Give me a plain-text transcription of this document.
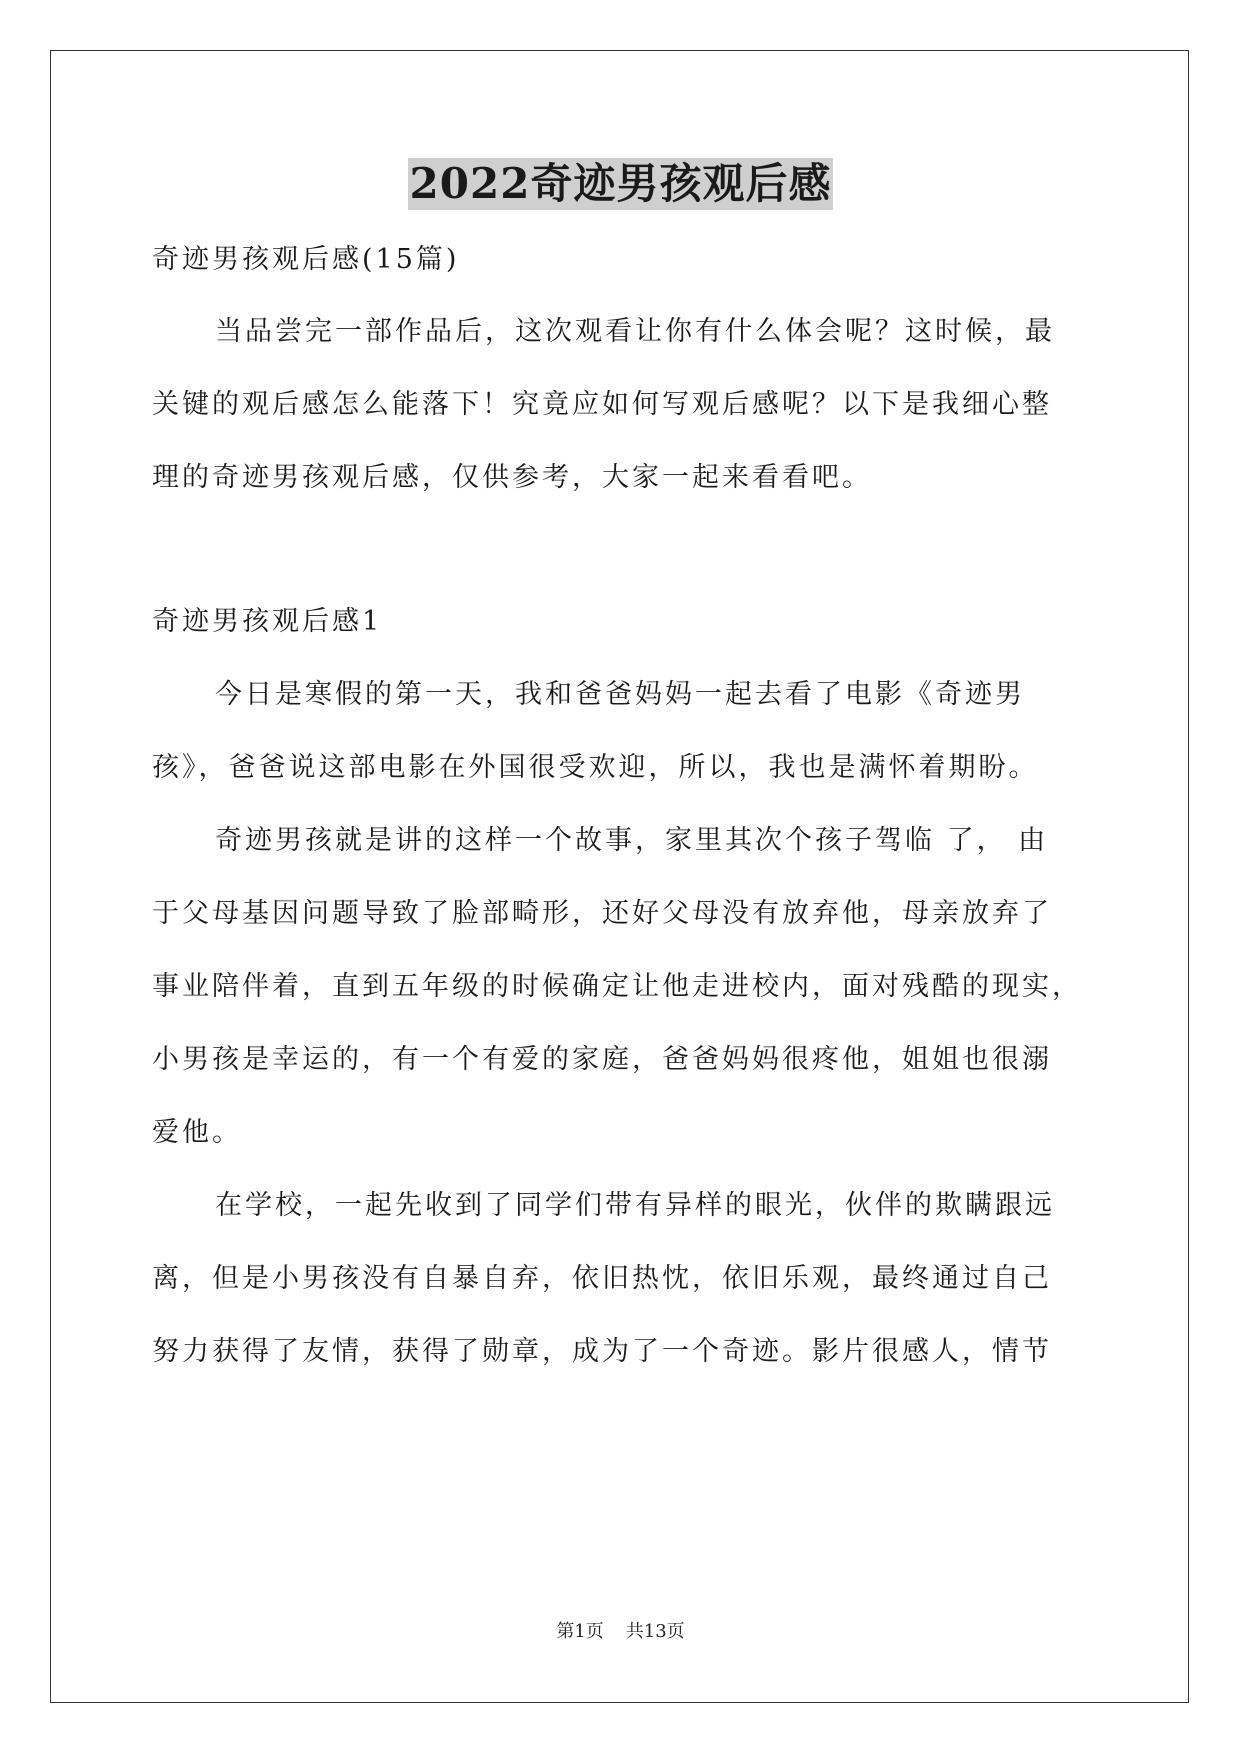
2022奇迹男孩观后感
奇迹男孩观后感(15篇)
当品尝完一部作品后，这次观看让你有什么体会呢？这时候，最
关键的观后感怎么能落下！究竟应如何写观后感呢？以下是我细心整
理的奇迹男孩观后感，仅供参考，大家一起来看看吧。
奇迹男孩观后感1
今日是寒假的第一天，我和爸爸妈妈一起去看了电影《奇迹男
孩》，爸爸说这部电影在外国很受欢迎，所以，我也是满怀着期盼。
奇迹男孩就是讲的这样一个故事，家里其次个孩子驾临 了， 由
于父母基因问题导致了脸部畸形，还好父母没有放弃他，母亲放弃了
事业陪伴着，直到五年级的时候确定让他走进校内，面对残酷的现实，
小男孩是幸运的，有一个有爱的家庭，爸爸妈妈很疼他，姐姐也很溺
爱他。
在学校，一起先收到了同学们带有异样的眼光，伙伴的欺瞒跟远
离，但是小男孩没有自暴自弃，依旧热忱，依旧乐观，最终通过自己
努力获得了友情，获得了勋章，成为了一个奇迹。影片很感人，情节
第1页 共13页
